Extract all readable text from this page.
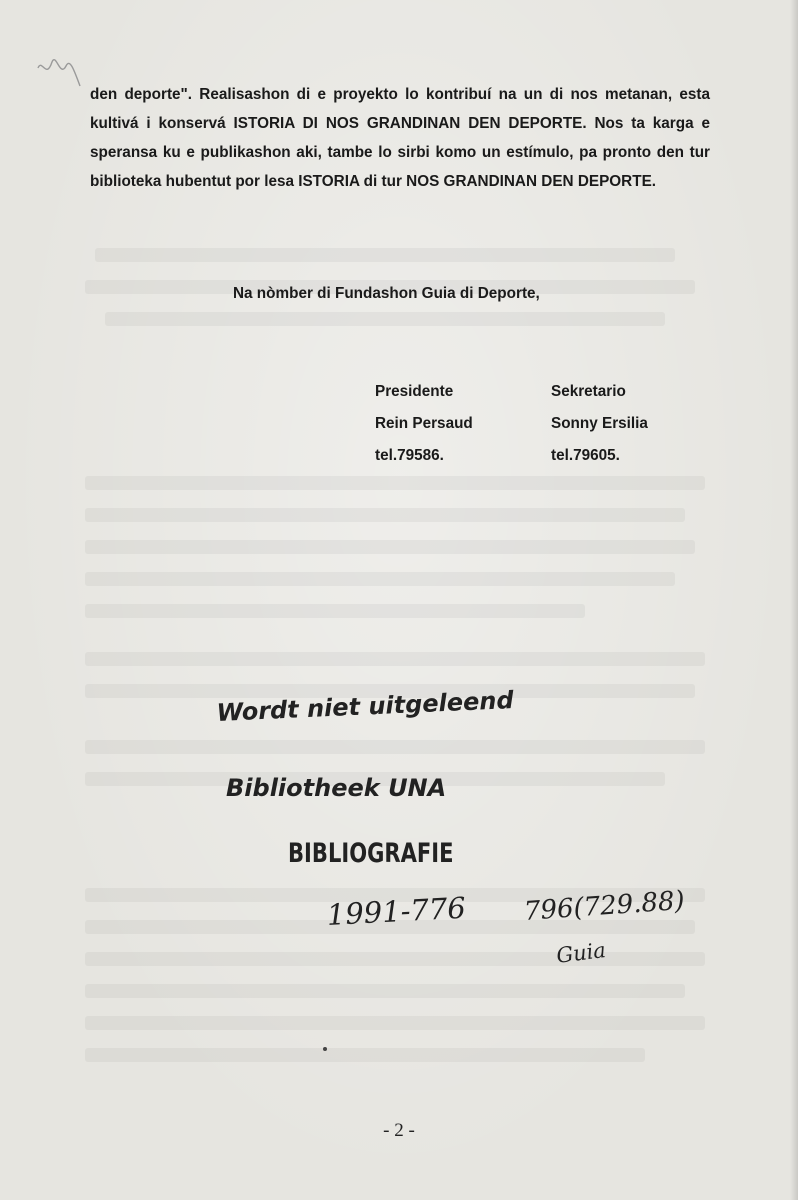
den deporte". Realisashon di e proyekto lo kontribuí na un di nos metanan, esta kultivá i konservá ISTORIA DI NOS GRANDINAN DEN DEPORTE. Nos ta karga e speransa ku e publikashon aki, tambe lo sirbi komo un estímulo, pa pronto den tur biblioteka hubentut por lesa ISTORIA di tur NOS GRANDINAN DEN DEPORTE.

Na nòmber di Fundashon Guia di Deporte,

Presidente
Rein Persaud
tel.79586.
Sekretario
Sonny Ersilia
tel.79605.
Wordt niet uitgeleend
Bibliotheek UNA
BIBLIOGRAFIE
1991-776 796(729.88)
Guia
- 2 -
